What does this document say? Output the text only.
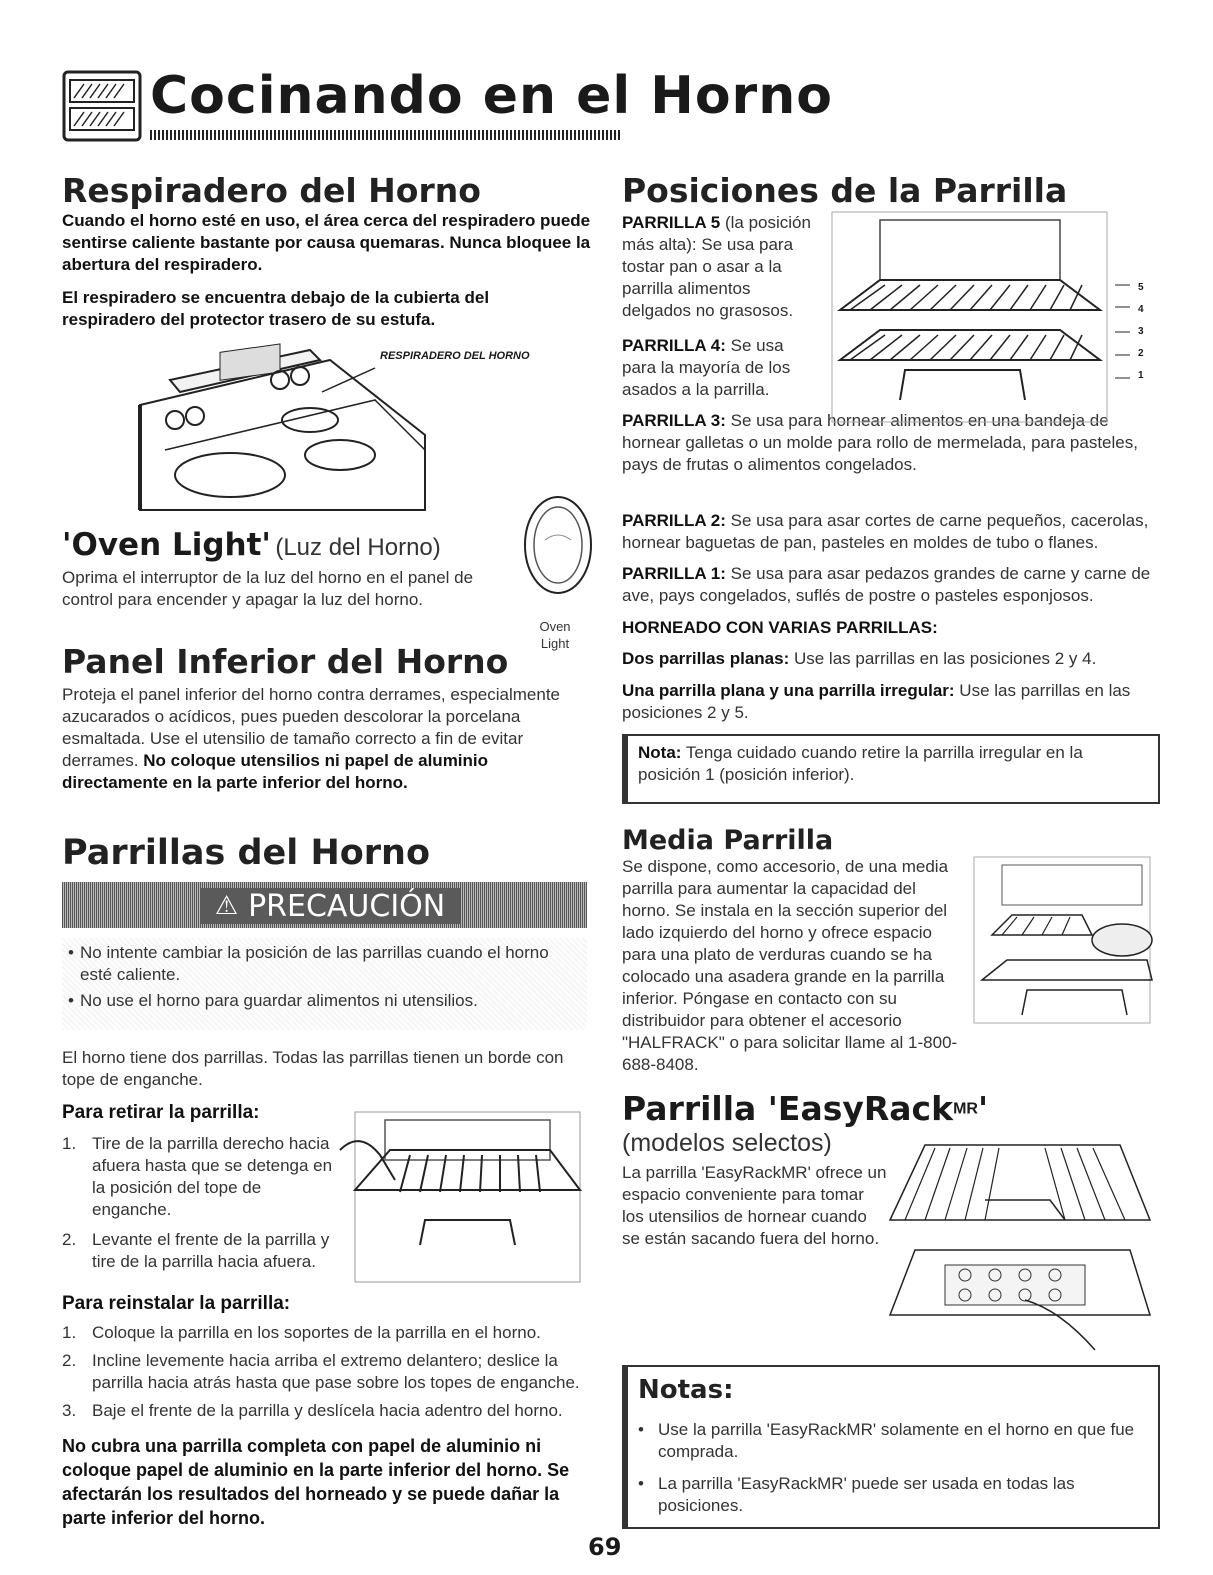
Cocinando en el Horno
Respiradero del Horno
Cuando el horno esté en uso, el área cerca del respiradero puede sentirse caliente bastante por causa quemaras. Nunca bloquee la abertura del respiradero.
El respiradero se encuentra debajo de la cubierta del respiradero del protector trasero de su estufa.
RESPIRADERO DEL HORNO
'Oven Light' (Luz del Horno)
Oprima el interruptor de la luz del horno en el panel de control para encender y apagar la luz del horno.
Oven Light
Panel Inferior del Horno
Proteja el panel inferior del horno contra derrames, especialmente azucarados o acídicos, pues pueden descolorar la porcelana esmaltada. Use el utensilio de tamaño correcto a fin de evitar derrames. No coloque utensilios ni papel de aluminio directamente en la parte inferior del horno.
Parrillas del Horno
⚠ PRECAUCIÓN
• No intente cambiar la posición de las parrillas cuando el horno esté caliente.
• No use el horno para guardar alimentos ni utensilios.
El horno tiene dos parrillas. Todas las parrillas tienen un borde con tope de enganche.
Para retirar la parrilla:
1. Tire de la parrilla derecho hacia afuera hasta que se detenga en la posición del tope de enganche.
2. Levante el frente de la parrilla y tire de la parrilla hacia afuera.
Para reinstalar la parrilla:
1. Coloque la parrilla en los soportes de la parrilla en el horno.
2. Incline levemente hacia arriba el extremo delantero; deslice la parrilla hacia atrás hasta que pase sobre los topes de enganche.
3. Baje el frente de la parrilla y deslícela hacia adentro del horno.
No cubra una parrilla completa con papel de aluminio ni coloque papel de aluminio en la parte inferior del horno. Se afectarán los resultados del horneado y se puede dañar la parte inferior del horno.
Posiciones de la Parrilla
PARRILLA 5 (la posición más alta): Se usa para tostar pan o asar a la parrilla alimentos delgados no grasosos.
PARRILLA 4: Se usa para la mayoría de los asados a la parrilla.
PARRILLA 3: Se usa para hornear alimentos en una bandeja de hornear galletas o un molde para rollo de mermelada, para pasteles, pays de frutas o alimentos congelados.
5
4
3
2
1
PARRILLA 2: Se usa para asar cortes de carne pequeños, cacerolas, hornear baguetas de pan, pasteles en moldes de tubo o flanes.
PARRILLA 1: Se usa para asar pedazos grandes de carne y carne de ave, pays congelados, suflés de postre o pasteles esponjosos.
HORNEADO CON VARIAS PARRILLAS:
Dos parrillas planas: Use las parrillas en las posiciones 2 y 4.
Una parrilla plana y una parrilla irregular: Use las parrillas en las posiciones 2 y 5.
Nota: Tenga cuidado cuando retire la parrilla irregular en la posición 1 (posición inferior).
Media Parrilla
Se dispone, como accesorio, de una media parrilla para aumentar la capacidad del horno. Se instala en la sección superior del lado izquierdo del horno y ofrece espacio para una plato de verduras cuando se ha colocado una asadera grande en la parrilla inferior. Póngase en contacto con su distribuidor para obtener el accesorio "HALFRACK" o para solicitar llame al 1-800-688-8408.
Parrilla 'EasyRack$^{MR}$'
(modelos selectos)
La parrilla 'EasyRackMR' ofrece un espacio conveniente para tomar los utensilios de hornear cuando se están sacando fuera del horno.
Notas:
• Use la parrilla 'EasyRackMR' solamente en el horno en que fue comprada.
• La parrilla 'EasyRackMR' puede ser usada en todas las posiciones.
69
